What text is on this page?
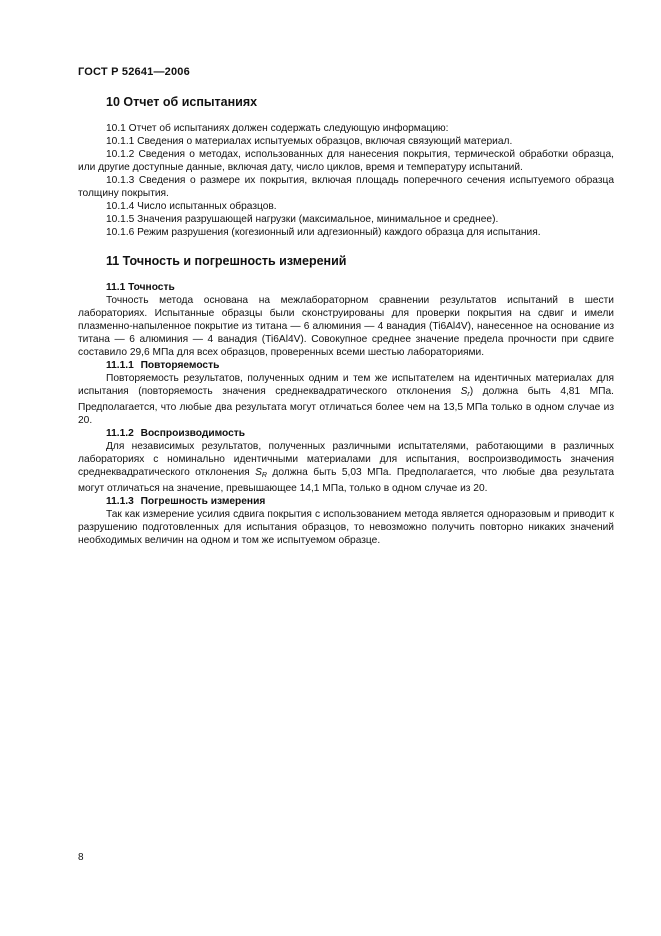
ГОСТ Р 52641—2006
10 Отчет об испытаниях

10.1 Отчет об испытаниях должен содержать следующую информацию:

10.1.1 Сведения о материалах испытуемых образцов, включая связующий материал.

10.1.2 Сведения о методах, использованных для нанесения покрытия, термической обработки образца, или другие доступные данные, включая дату, число циклов, время и температуру испытаний.

10.1.3 Сведения о размере их покрытия, включая площадь поперечного сечения испытуемого образца толщину покрытия.

10.1.4 Число испытанных образцов.

10.1.5 Значения разрушающей нагрузки (максимальное, минимальное и среднее).

10.1.6 Режим разрушения (когезионный или адгезионный) каждого образца для испытания.

11 Точность и погрешность измерений

11.1 Точность

Точность метода основана на межлабораторном сравнении результатов испытаний в шести лабораториях. Испытанные образцы были сконструированы для проверки покрытия на сдвиг и имели плазменно-напыленное покрытие из титана — 6 алюминия — 4 ванадия (Ti6Al4V), нанесенное на основание из титана — 6 алюминия — 4 ванадия (Ti6Al4V). Совокупное среднее значение предела прочности при сдвиге составило 29,6 МПа для всех образцов, проверенных всеми шестью лабораториями.

11.1.1 Повторяемость

Повторяемость результатов, полученных одним и тем же испытателем на идентичных материалах для испытания (повторяемость значения среднеквадратического отклонения Sr) должна быть 4,81 МПа. Предполагается, что любые два результата могут отличаться более чем на 13,5 МПа только в одном случае из 20.

11.1.2 Воспроизводимость

Для независимых результатов, полученных различными испытателями, работающими в различных лабораториях с номинально идентичными материалами для испытания, воспроизводимость значения среднеквадратического отклонения SR должна быть 5,03 МПа. Предполагается, что любые два результата могут отличаться на значение, превышающее 14,1 МПа, только в одном случае из 20.

11.1.3 Погрешность измерения

Так как измерение усилия сдвига покрытия с использованием метода является одноразовым и приводит к разрушению подготовленных для испытания образцов, то невозможно получить повторно никаких значений необходимых величин на одном и том же испытуемом образце.

8
